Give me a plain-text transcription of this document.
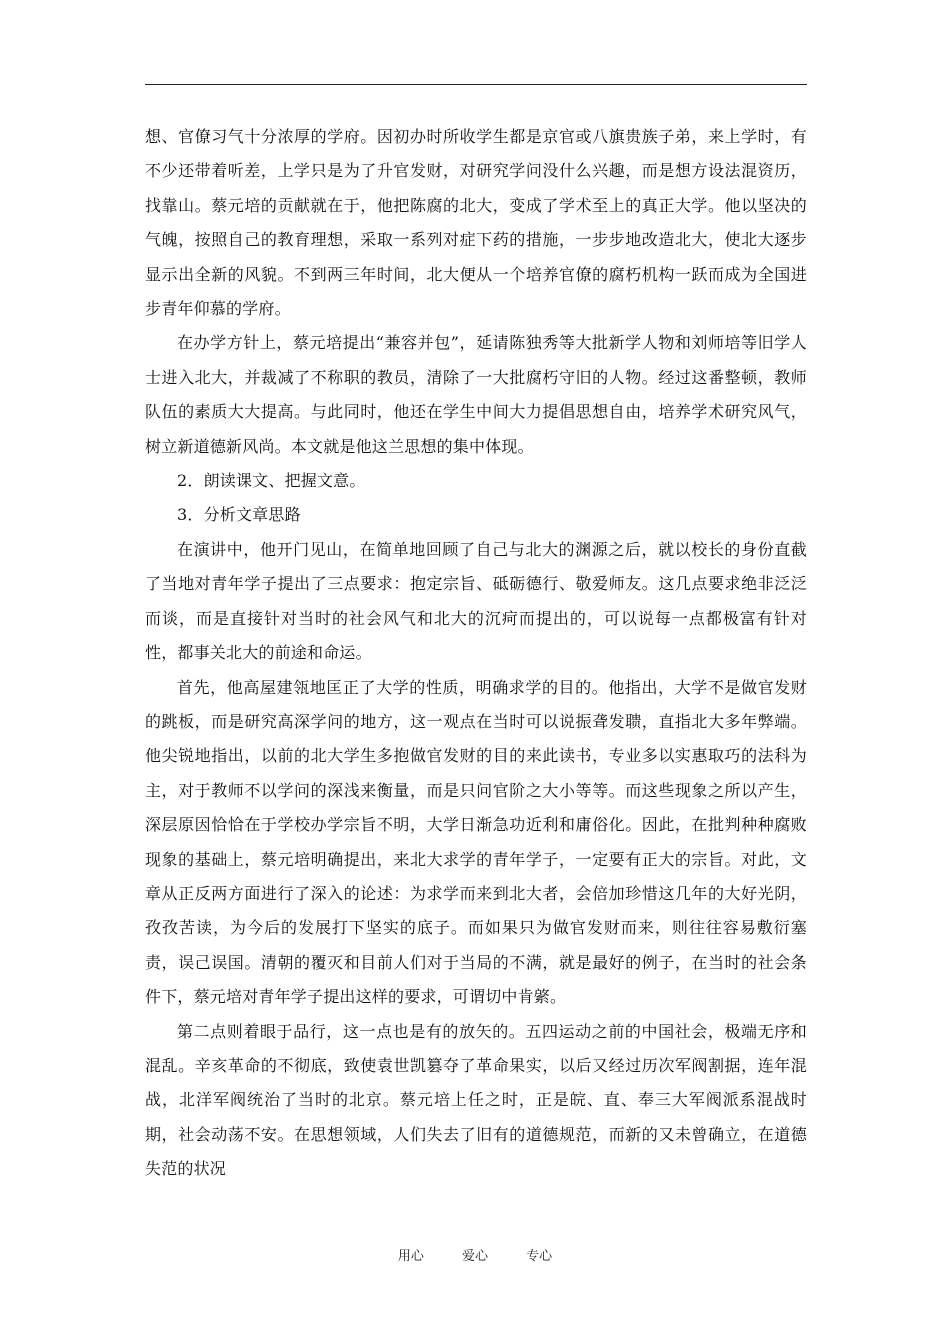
想、官僚习气十分浓厚的学府。因初办时所收学生都是京官或八旗贵族子弟，来上学时，有不少还带着听差，上学只是为了升官发财，对研究学问没什么兴趣，而是想方设法混资历，找靠山。蔡元培的贡献就在于，他把陈腐的北大，变成了学术至上的真正大学。他以坚决的气魄，按照自己的教育理想，采取一系列对症下药的措施，一步步地改造北大，使北大逐步显示出全新的风貌。不到两三年时间，北大便从一个培养官僚的腐朽机构一跃而成为全国进步青年仰慕的学府。

在办学方针上，蔡元培提出“兼容并包”，延请陈独秀等大批新学人物和刘师培等旧学人士进入北大，并裁减了不称职的教员，清除了一大批腐朽守旧的人物。经过这番整顿，教师队伍的素质大大提高。与此同时，他还在学生中间大力提倡思想自由，培养学术研究风气，树立新道德新风尚。本文就是他这兰思想的集中体现。

2．朗读课文、把握文意。

3．分析文章思路

在演讲中，他开门见山，在简单地回顾了自己与北大的渊源之后，就以校长的身份直截了当地对青年学子提出了三点要求：抱定宗旨、砥砺德行、敬爱师友。这几点要求绝非泛泛而谈，而是直接针对当时的社会风气和北大的沉疴而提出的，可以说每一点都极富有针对性，都事关北大的前途和命运。

首先，他高屋建瓴地匡正了大学的性质，明确求学的目的。他指出，大学不是做官发财的跳板，而是研究高深学问的地方，这一观点在当时可以说振聋发聩，直指北大多年弊端。他尖锐地指出，以前的北大学生多抱做官发财的目的来此读书，专业多以实惠取巧的法科为主，对于教师不以学问的深浅来衡量，而是只问官阶之大小等等。而这些现象之所以产生，深层原因恰恰在于学校办学宗旨不明，大学日渐急功近利和庸俗化。因此，在批判种种腐败现象的基础上，蔡元培明确提出，来北大求学的青年学子，一定要有正大的宗旨。对此，文章从正反两方面进行了深入的论述：为求学而来到北大者，会倍加珍惜这几年的大好光阴，孜孜苦读，为今后的发展打下坚实的底子。而如果只为做官发财而来，则往往容易敷衍塞责，误己误国。清朝的覆灭和目前人们对于当局的不满，就是最好的例子，在当时的社会条件下，蔡元培对青年学子提出这样的要求，可谓切中肯綮。

第二点则着眼于品行，这一点也是有的放矢的。五四运动之前的中国社会，极端无序和混乱。辛亥革命的不彻底，致使袁世凯篡夺了革命果实，以后又经过历次军阀割据，连年混战，北洋军阀统治了当时的北京。蔡元培上任之时，正是皖、直、奉三大军阀派系混战时期，社会动荡不安。在思想领域，人们失去了旧有的道德规范，而新的又未曾确立，在道德失范的状况

用心	爱心	专心
